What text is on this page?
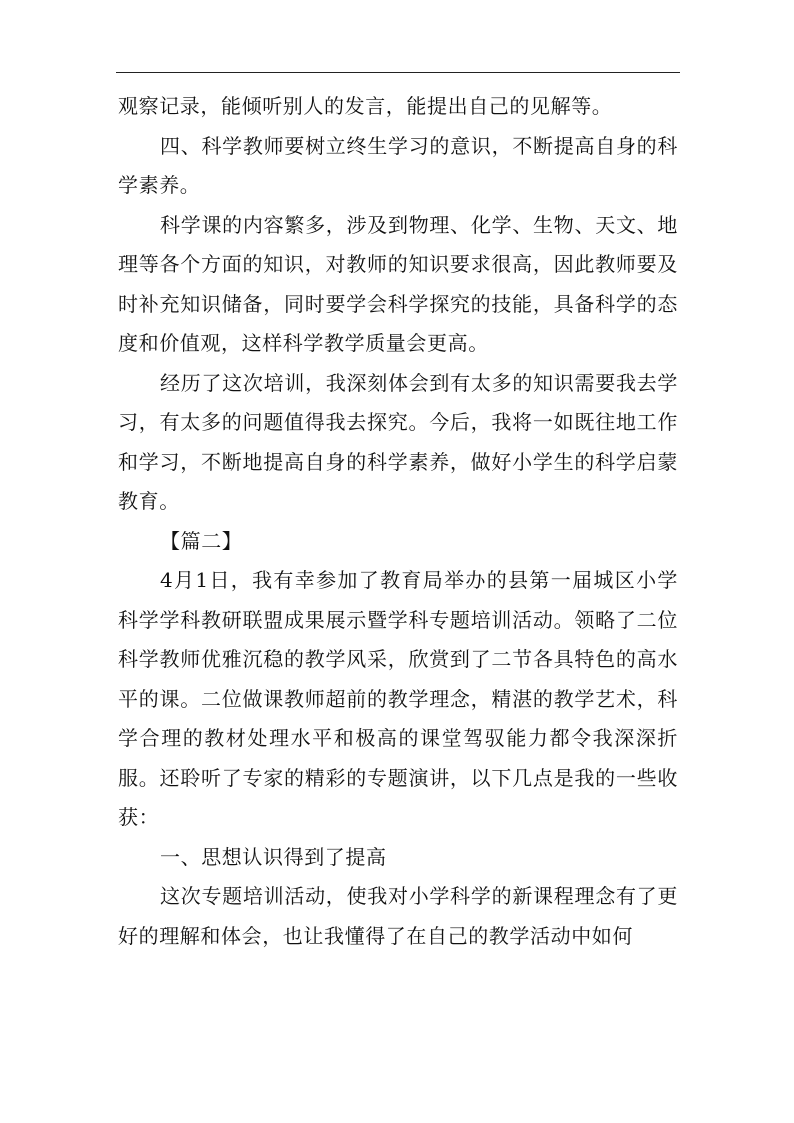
观察记录，能倾听别人的发言，能提出自己的见解等。

四、科学教师要树立终生学习的意识，不断提高自身的科学素养。

科学课的内容繁多，涉及到物理、化学、生物、天文、地理等各个方面的知识，对教师的知识要求很高，因此教师要及时补充知识储备，同时要学会科学探究的技能，具备科学的态度和价值观，这样科学教学质量会更高。

经历了这次培训，我深刻体会到有太多的知识需要我去学习，有太多的问题值得我去探究。今后，我将一如既往地工作和学习，不断地提高自身的科学素养，做好小学生的科学启蒙教育。

【篇二】

4月1日，我有幸参加了教育局举办的县第一届城区小学科学学科教研联盟成果展示暨学科专题培训活动。领略了二位科学教师优雅沉稳的教学风采，欣赏到了二节各具特色的高水平的课。二位做课教师超前的教学理念，精湛的教学艺术，科学合理的教材处理水平和极高的课堂驾驭能力都令我深深折服。还聆听了专家的精彩的专题演讲，以下几点是我的一些收获：

一、思想认识得到了提高

这次专题培训活动，使我对小学科学的新课程理念有了更好的理解和体会，也让我懂得了在自己的教学活动中如何
